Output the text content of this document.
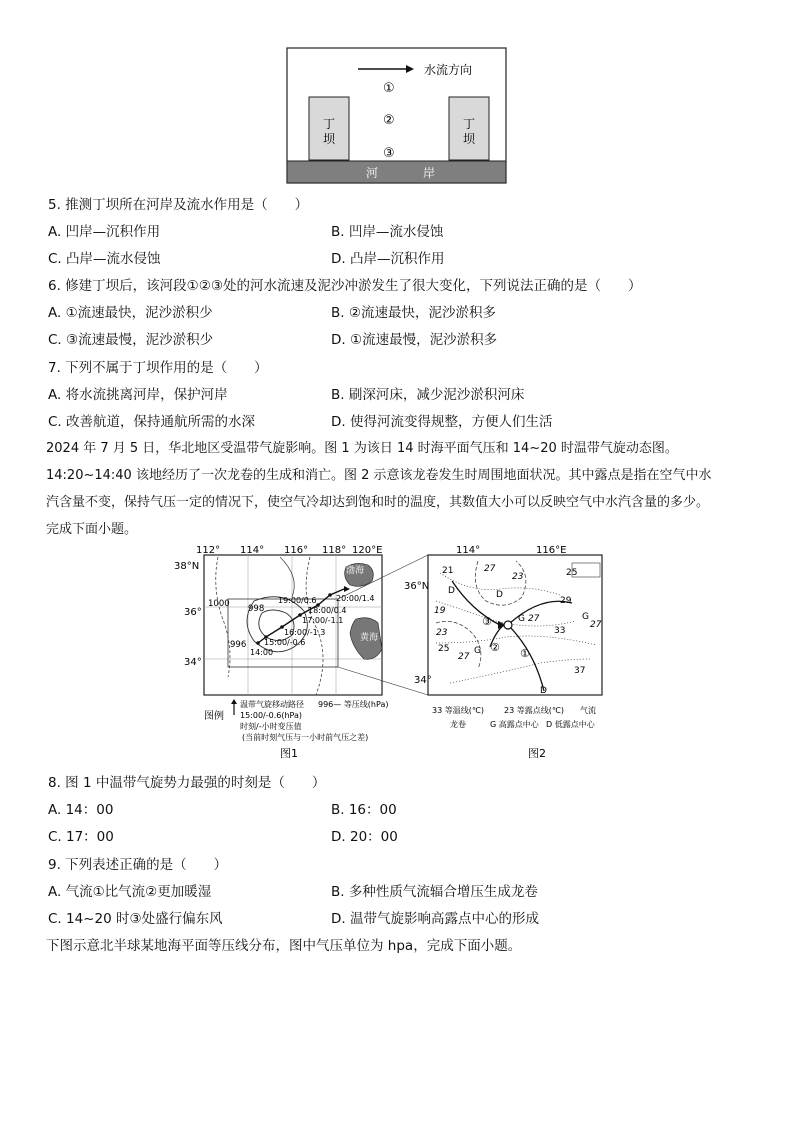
水流方向
①
②
③
丁
坝
丁
坝
河	岸
5. 推测丁坝所在河岸及流水作用是（　　）
A. 凹岸—沉积作用	B. 凹岸—流水侵蚀
C. 凸岸—流水侵蚀	D. 凸岸—沉积作用
6. 修建丁坝后，该河段①②③处的河水流速及泥沙冲淤发生了很大变化，下列说法正确的是（　　）
A. ①流速最快，泥沙淤积少	B. ②流速最快，泥沙淤积多
C. ③流速最慢，泥沙淤积少	D. ①流速最慢，泥沙淤积多
7. 下列不属于丁坝作用的是（　　）
A. 将水流挑离河岸，保护河岸	B. 刷深河床，减少泥沙淤积河床
C. 改善航道，保持通航所需的水深	D. 使得河流变得规整，方便人们生活
2024 年 7 月 5 日，华北地区受温带气旋影响。图 1 为该日 14 时海平面气压和 14~20 时温带气旋动态图。
14:20~14:40 该地经历了一次龙卷的生成和消亡。图 2 示意该龙卷发生时周围地面状况。其中露点是指在空气中水
汽含量不变，保持气压一定的情况下，使空气冷却达到饱和时的温度，其数值大小可以反映空气中水汽含量的多少。
完成下面小题。
112° 114° 116° 118° 120°E
38°N
36°
34°
渤海
黄海
1000 998
996
14:00
15:00/-0.6
16:00/-1.3
17:00/-1.1
18:00/0.4
19:00/0.6 20:00/1.4
图例
温带气旋移动路径
15:00/-0.6(hPa)
时刻/-小时变压值
(当前时刻气压与一小时前气压之差)
996— 等压线(hPa)
图1
114°	116°E
36°N
34°
21
19
23
25
27
29
33
37
27
23	25
27
27
D	D
D
G
G
G
①
②
③
33 等温线(℃)	23 等露点线(℃) 气流
龙卷	G 高露点中心 D 低露点中心
图2
8. 图 1 中温带气旋势力最强的时刻是（　　）
A. 14：00	B. 16：00
C. 17：00	D. 20：00
9. 下列表述正确的是（　　）
A. 气流①比气流②更加暖湿	B. 多种性质气流辐合增压生成龙卷
C. 14~20 时③处盛行偏东风	D. 温带气旋影响高露点中心的形成
下图示意北半球某地海平面等压线分布，图中气压单位为 hpa，完成下面小题。
